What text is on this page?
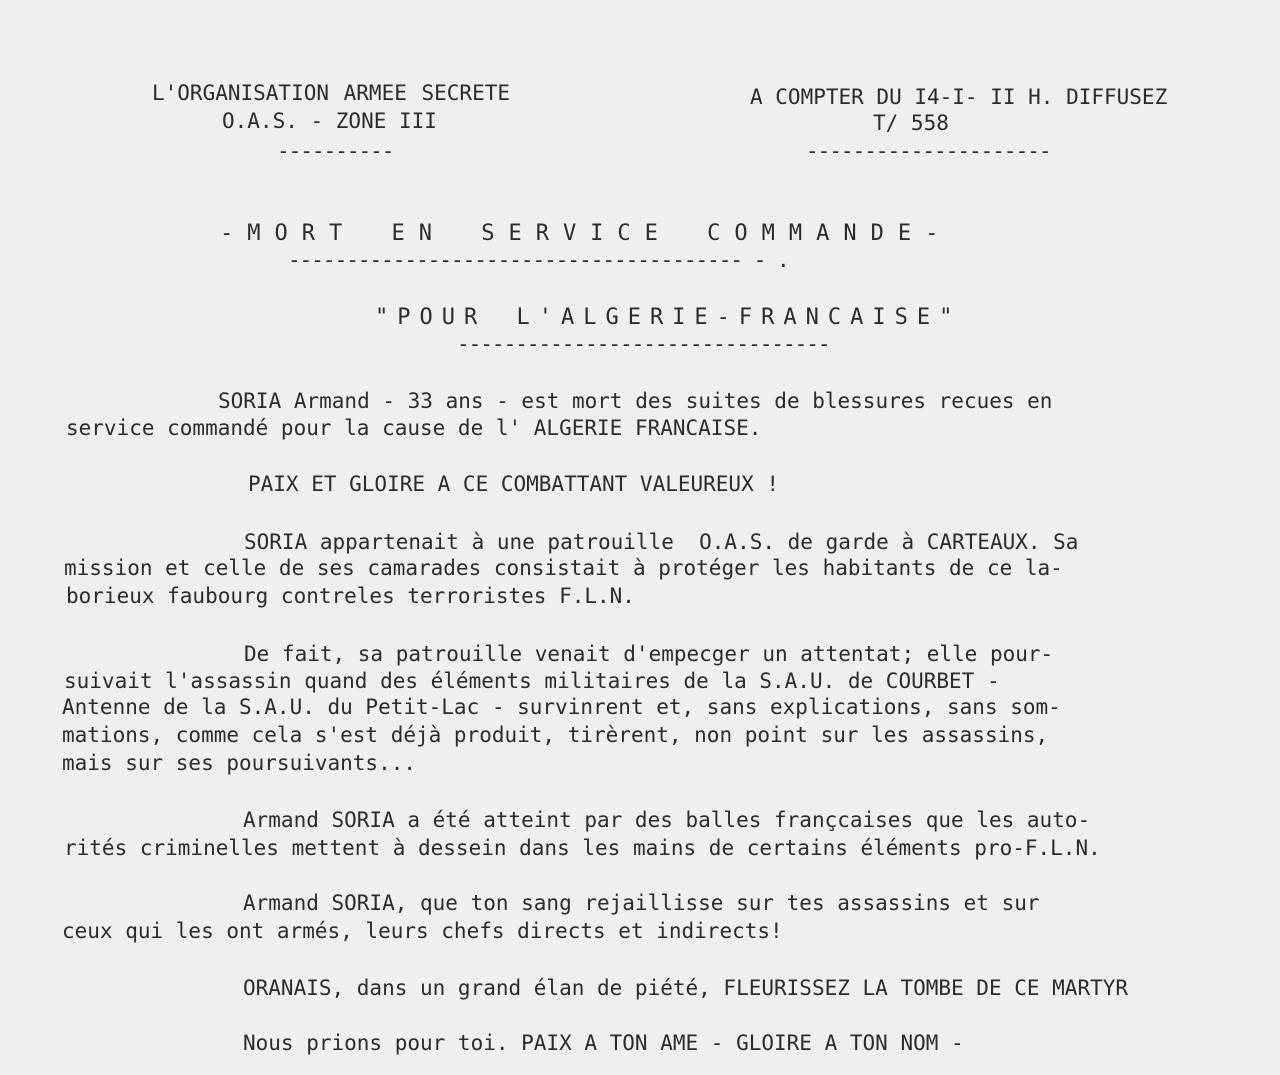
L'ORGANISATION ARMEE SECRETE
O.A.S. - ZONE III
----------
A COMPTER DU I4-I- II H. DIFFUSEZ
T/ 558
---------------------
-MORT EN SERVICE COMMANDE-
--------------------------------------- - .
"POUR L'ALGERIE-FRANCAISE"
--------------------------------
SORIA Armand - 33 ans - est mort des suites de blessures recues en
service commandé pour la cause de l' ALGERIE FRANCAISE.
PAIX ET GLOIRE A CE COMBATTANT VALEUREUX !
SORIA appartenait à une patrouille  O.A.S. de garde à CARTEAUX. Sa
mission et celle de ses camarades consistait à protéger les habitants de ce la-
borieux faubourg contreles terroristes F.L.N.
De fait, sa patrouille venait d'empecger un attentat; elle pour-
suivait l'assassin quand des éléments militaires de la S.A.U. de COURBET -
Antenne de la S.A.U. du Petit-Lac - survinrent et, sans explications, sans som-
mations, comme cela s'est déjà produit, tirèrent, non point sur les assassins,
mais sur ses poursuivants...
Armand SORIA a été atteint par des balles françcaises que les auto-
rités criminelles mettent à dessein dans les mains de certains éléments pro-F.L.N.
Armand SORIA, que ton sang rejaillisse sur tes assassins et sur
ceux qui les ont armés, leurs chefs directs et indirects!
ORANAIS, dans un grand élan de piété, FLEURISSEZ LA TOMBE DE CE MARTYR
Nous prions pour toi. PAIX A TON AME - GLOIRE A TON NOM -
